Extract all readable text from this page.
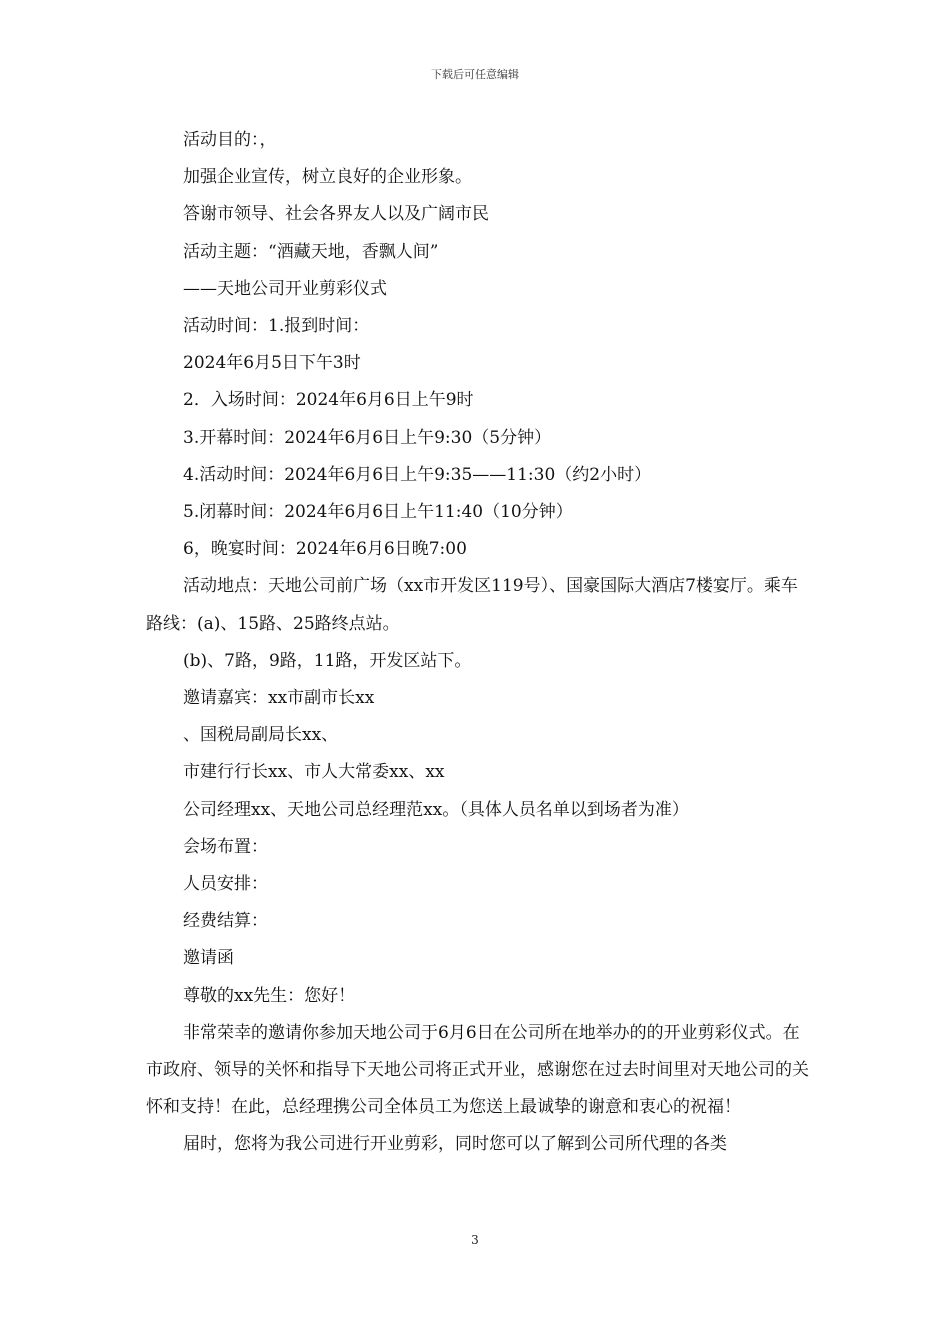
下载后可任意编辑

活动目的：，

加强企业宣传，树立良好的企业形象。

答谢市领导、社会各界友人以及广阔市民

活动主题：“酒藏天地，香飘人间”

——天地公司开业剪彩仪式

活动时间：1.报到时间：

2024年6月5日下午3时

2．入场时间：2024年6月6日上午9时

3.开幕时间：2024年6月6日上午9:30（5分钟）

4.活动时间：2024年6月6日上午9:35——11:30（约2小时）

5.闭幕时间：2024年6月6日上午11:40（10分钟）

6，晚宴时间：2024年6月6日晚7:00

活动地点：天地公司前广场（xx市开发区119号）、国豪国际大酒店7楼宴厅。乘车路线：(a)、15路、25路终点站。

(b)、7路，9路，11路，开发区站下。

邀请嘉宾：xx市副市长xx

、国税局副局长xx、

市建行行长xx、市人大常委xx、xx

公司经理xx、天地公司总经理范xx。（具体人员名单以到场者为准）

会场布置：

人员安排：

经费结算：

邀请函

尊敬的xx先生：您好！

非常荣幸的邀请你参加天地公司于6月6日在公司所在地举办的的开业剪彩仪式。在市政府、领导的关怀和指导下天地公司将正式开业，感谢您在过去时间里对天地公司的关怀和支持！在此，总经理携公司全体员工为您送上最诚挚的谢意和衷心的祝福！

届时，您将为我公司进行开业剪彩，同时您可以了解到公司所代理的各类

3
